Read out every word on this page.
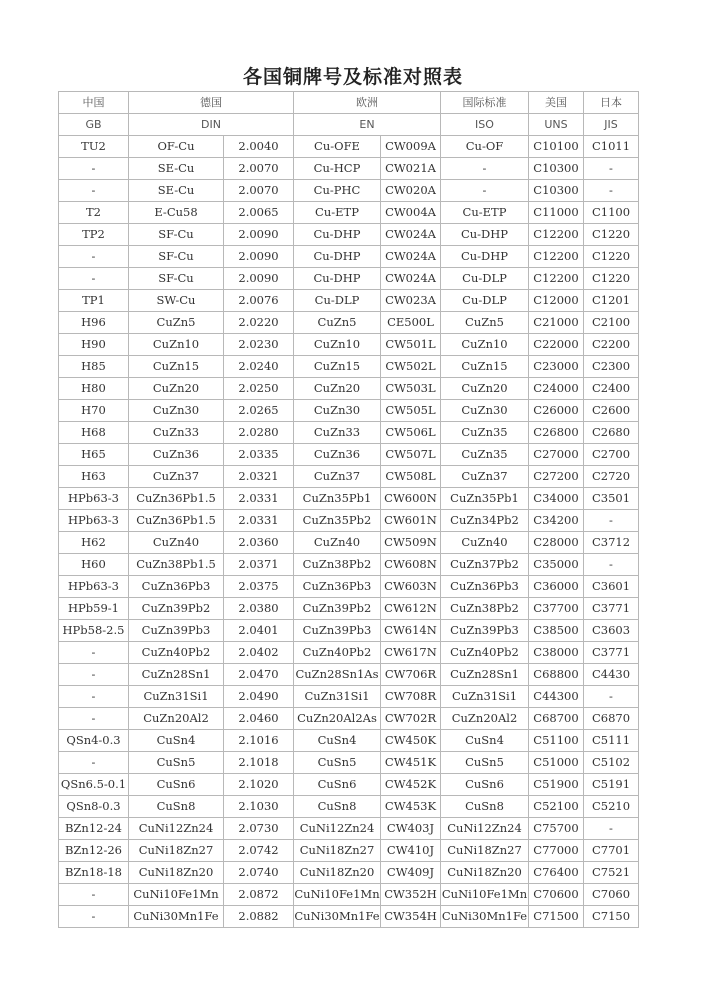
各国铜牌号及标准对照表
中国	德国		欧洲		国际标准	美国	日本
GB	DIN		EN		ISO	UNS	JIS
TU2	OF-Cu	2.0040	Cu-OFE	CW009A	Cu-OF	C10100	C1011
-	SE-Cu	2.0070	Cu-HCP	CW021A	-	C10300	-
-	SE-Cu	2.0070	Cu-PHC	CW020A	-	C10300	-
T2	E-Cu58	2.0065	Cu-ETP	CW004A	Cu-ETP	C11000	C1100
TP2	SF-Cu	2.0090	Cu-DHP	CW024A	Cu-DHP	C12200	C1220
-	SF-Cu	2.0090	Cu-DHP	CW024A	Cu-DHP	C12200	C1220
-	SF-Cu	2.0090	Cu-DHP	CW024A	Cu-DLP	C12200	C1220
TP1	SW-Cu	2.0076	Cu-DLP	CW023A	Cu-DLP	C12000	C1201
H96	CuZn5	2.0220	CuZn5	CE500L	CuZn5	C21000	C2100
H90	CuZn10	2.0230	CuZn10	CW501L	CuZn10	C22000	C2200
H85	CuZn15	2.0240	CuZn15	CW502L	CuZn15	C23000	C2300
H80	CuZn20	2.0250	CuZn20	CW503L	CuZn20	C24000	C2400
H70	CuZn30	2.0265	CuZn30	CW505L	CuZn30	C26000	C2600
H68	CuZn33	2.0280	CuZn33	CW506L	CuZn35	C26800	C2680
H65	CuZn36	2.0335	CuZn36	CW507L	CuZn35	C27000	C2700
H63	CuZn37	2.0321	CuZn37	CW508L	CuZn37	C27200	C2720
HPb63-3	CuZn36Pb1.5	2.0331	CuZn35Pb1	CW600N	CuZn35Pb1	C34000	C3501
HPb63-3	CuZn36Pb1.5	2.0331	CuZn35Pb2	CW601N	CuZn34Pb2	C34200	-
H62	CuZn40	2.0360	CuZn40	CW509N	CuZn40	C28000	C3712
H60	CuZn38Pb1.5	2.0371	CuZn38Pb2	CW608N	CuZn37Pb2	C35000	-
HPb63-3	CuZn36Pb3	2.0375	CuZn36Pb3	CW603N	CuZn36Pb3	C36000	C3601
HPb59-1	CuZn39Pb2	2.0380	CuZn39Pb2	CW612N	CuZn38Pb2	C37700	C3771
HPb58-2.5	CuZn39Pb3	2.0401	CuZn39Pb3	CW614N	CuZn39Pb3	C38500	C3603
-	CuZn40Pb2	2.0402	CuZn40Pb2	CW617N	CuZn40Pb2	C38000	C3771
-	CuZn28Sn1	2.0470	CuZn28Sn1As	CW706R	CuZn28Sn1	C68800	C4430
-	CuZn31Si1	2.0490	CuZn31Si1	CW708R	CuZn31Si1	C44300	-
-	CuZn20Al2	2.0460	CuZn20Al2As	CW702R	CuZn20Al2	C68700	C6870
QSn4-0.3	CuSn4	2.1016	CuSn4	CW450K	CuSn4	C51100	C5111
-	CuSn5	2.1018	CuSn5	CW451K	CuSn5	C51000	C5102
QSn6.5-0.1	CuSn6	2.1020	CuSn6	CW452K	CuSn6	C51900	C5191
QSn8-0.3	CuSn8	2.1030	CuSn8	CW453K	CuSn8	C52100	C5210
BZn12-24	CuNi12Zn24	2.0730	CuNi12Zn24	CW403J	CuNi12Zn24	C75700	-
BZn12-26	CuNi18Zn27	2.0742	CuNi18Zn27	CW410J	CuNi18Zn27	C77000	C7701
BZn18-18	CuNi18Zn20	2.0740	CuNi18Zn20	CW409J	CuNi18Zn20	C76400	C7521
-	CuNi10Fe1Mn	2.0872	CuNi10Fe1Mn	CW352H	CuNi10Fe1Mn	C70600	C7060
-	CuNi30Mn1Fe	2.0882	CuNi30Mn1Fe	CW354H	CuNi30Mn1Fe	C71500	C7150
